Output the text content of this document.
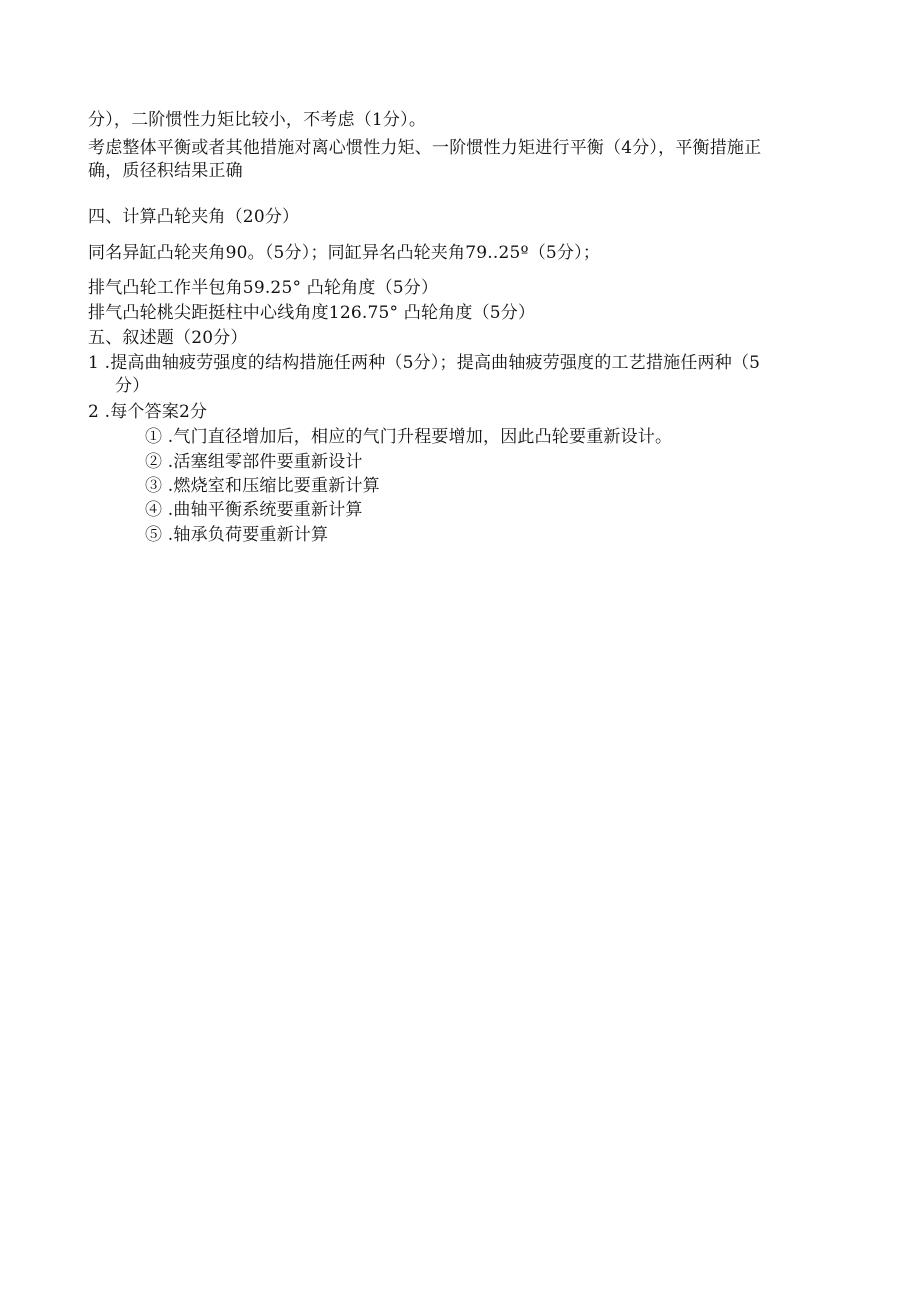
分），二阶惯性力矩比较小，不考虑（1分）。
考虑整体平衡或者其他措施对离心惯性力矩、一阶惯性力矩进行平衡（4分），平衡措施正
确，质径积结果正确
四、计算凸轮夹角（20分）
同名异缸凸轮夹角90。（5分）；同缸异名凸轮夹角79..25º（5分）；
排气凸轮工作半包角59.25° 凸轮角度（5分）
排气凸轮桃尖距挺柱中心线角度126.75° 凸轮角度（5分）
五、叙述题（20分）
1 .提高曲轴疲劳强度的结构措施任两种（5分）；提高曲轴疲劳强度的工艺措施任两种（5
分）
2 .每个答案2分
① .气门直径增加后，相应的气门升程要增加，因此凸轮要重新设计。
② .活塞组零部件要重新设计
③ .燃烧室和压缩比要重新计算
④ .曲轴平衡系统要重新计算
⑤ .轴承负荷要重新计算
